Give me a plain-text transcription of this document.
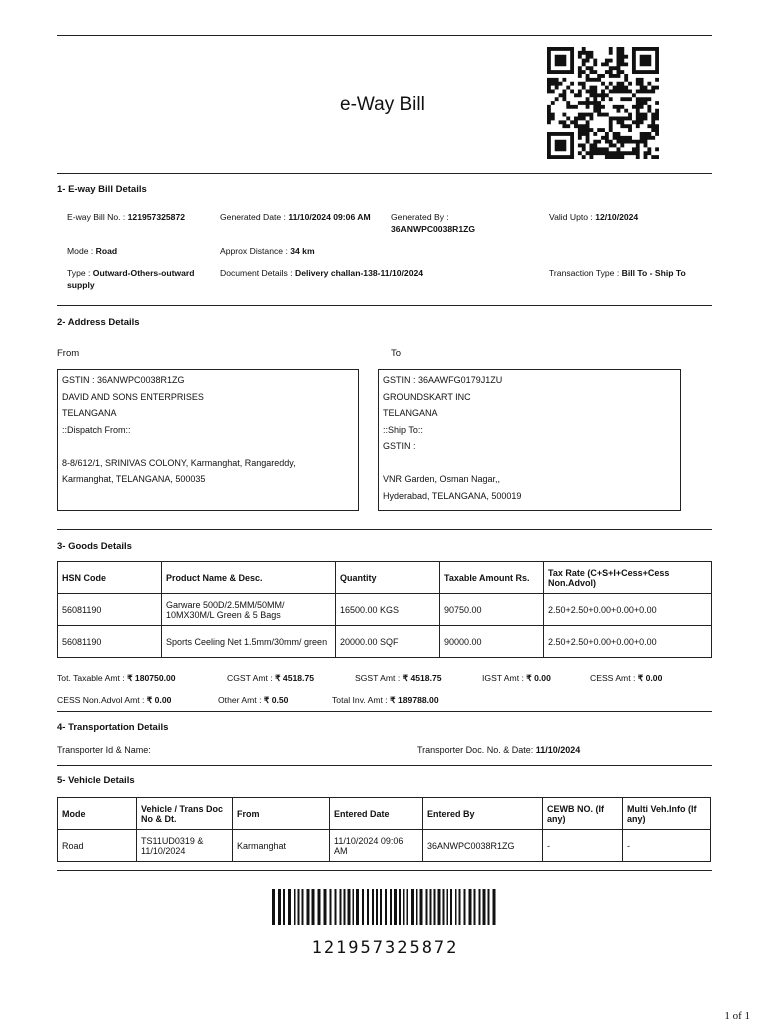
e-Way Bill
1- E-way Bill Details
E-way Bill No. : 121957325872	Generated Date : 11/10/2024 09:06 AM Generated By :
36ANWPC0038R1ZG
Valid Upto : 12/10/2024
Mode : Road	Approx Distance : 34 km
Type : Outward-Others-outward
supply
Document Details : Delivery challan-138-11/10/2024	Transaction Type : Bill To - Ship To
2- Address Details
From	To
GSTIN : 36ANWPC0038R1ZG
DAVID AND SONS ENTERPRISES
TELANGANA
::Dispatch From::

8-8/612/1, SRINIVAS COLONY, Karmanghat, Rangareddy,
Karmanghat, TELANGANA, 500035
GSTIN : 36AAWFG0179J1ZU
GROUNDSKART INC
TELANGANA
::Ship To::
GSTIN :

VNR Garden, Osman Nagar,,
Hyderabad, TELANGANA, 500019
3- Goods Details
HSN Code	Product Name & Desc.	Quantity	Taxable Amount Rs.	Tax Rate (C+S+I+Cess+Cess Non.Advol)
56081190	Garware 500D/2.5MM/50MM/ 10MX30M/L Green & 5 Bags	16500.00 KGS	90750.00	2.50+2.50+0.00+0.00+0.00
56081190	Sports Ceeling Net 1.5mm/30mm/ green	20000.00 SQF	90000.00	2.50+2.50+0.00+0.00+0.00
Tot. Taxable Amt : ₹ 180750.00	CGST Amt : ₹ 4518.75	SGST Amt : ₹ 4518.75	IGST Amt : ₹ 0.00	CESS Amt : ₹ 0.00
CESS Non.Advol Amt : ₹ 0.00	Other Amt : ₹ 0.50	Total Inv. Amt : ₹ 189788.00
4- Transportation Details
Transporter Id & Name:	Transporter Doc. No. & Date: 11/10/2024
5- Vehicle Details
Mode	Vehicle / Trans Doc No & Dt.	From	Entered Date	Entered By	CEWB NO. (If any)	Multi Veh.Info (If any)
Road	TS11UD0319 & 11/10/2024	Karmanghat	11/10/2024 09:06 AM	36ANWPC0038R1ZG	-	-
121957325872
1 of 1
